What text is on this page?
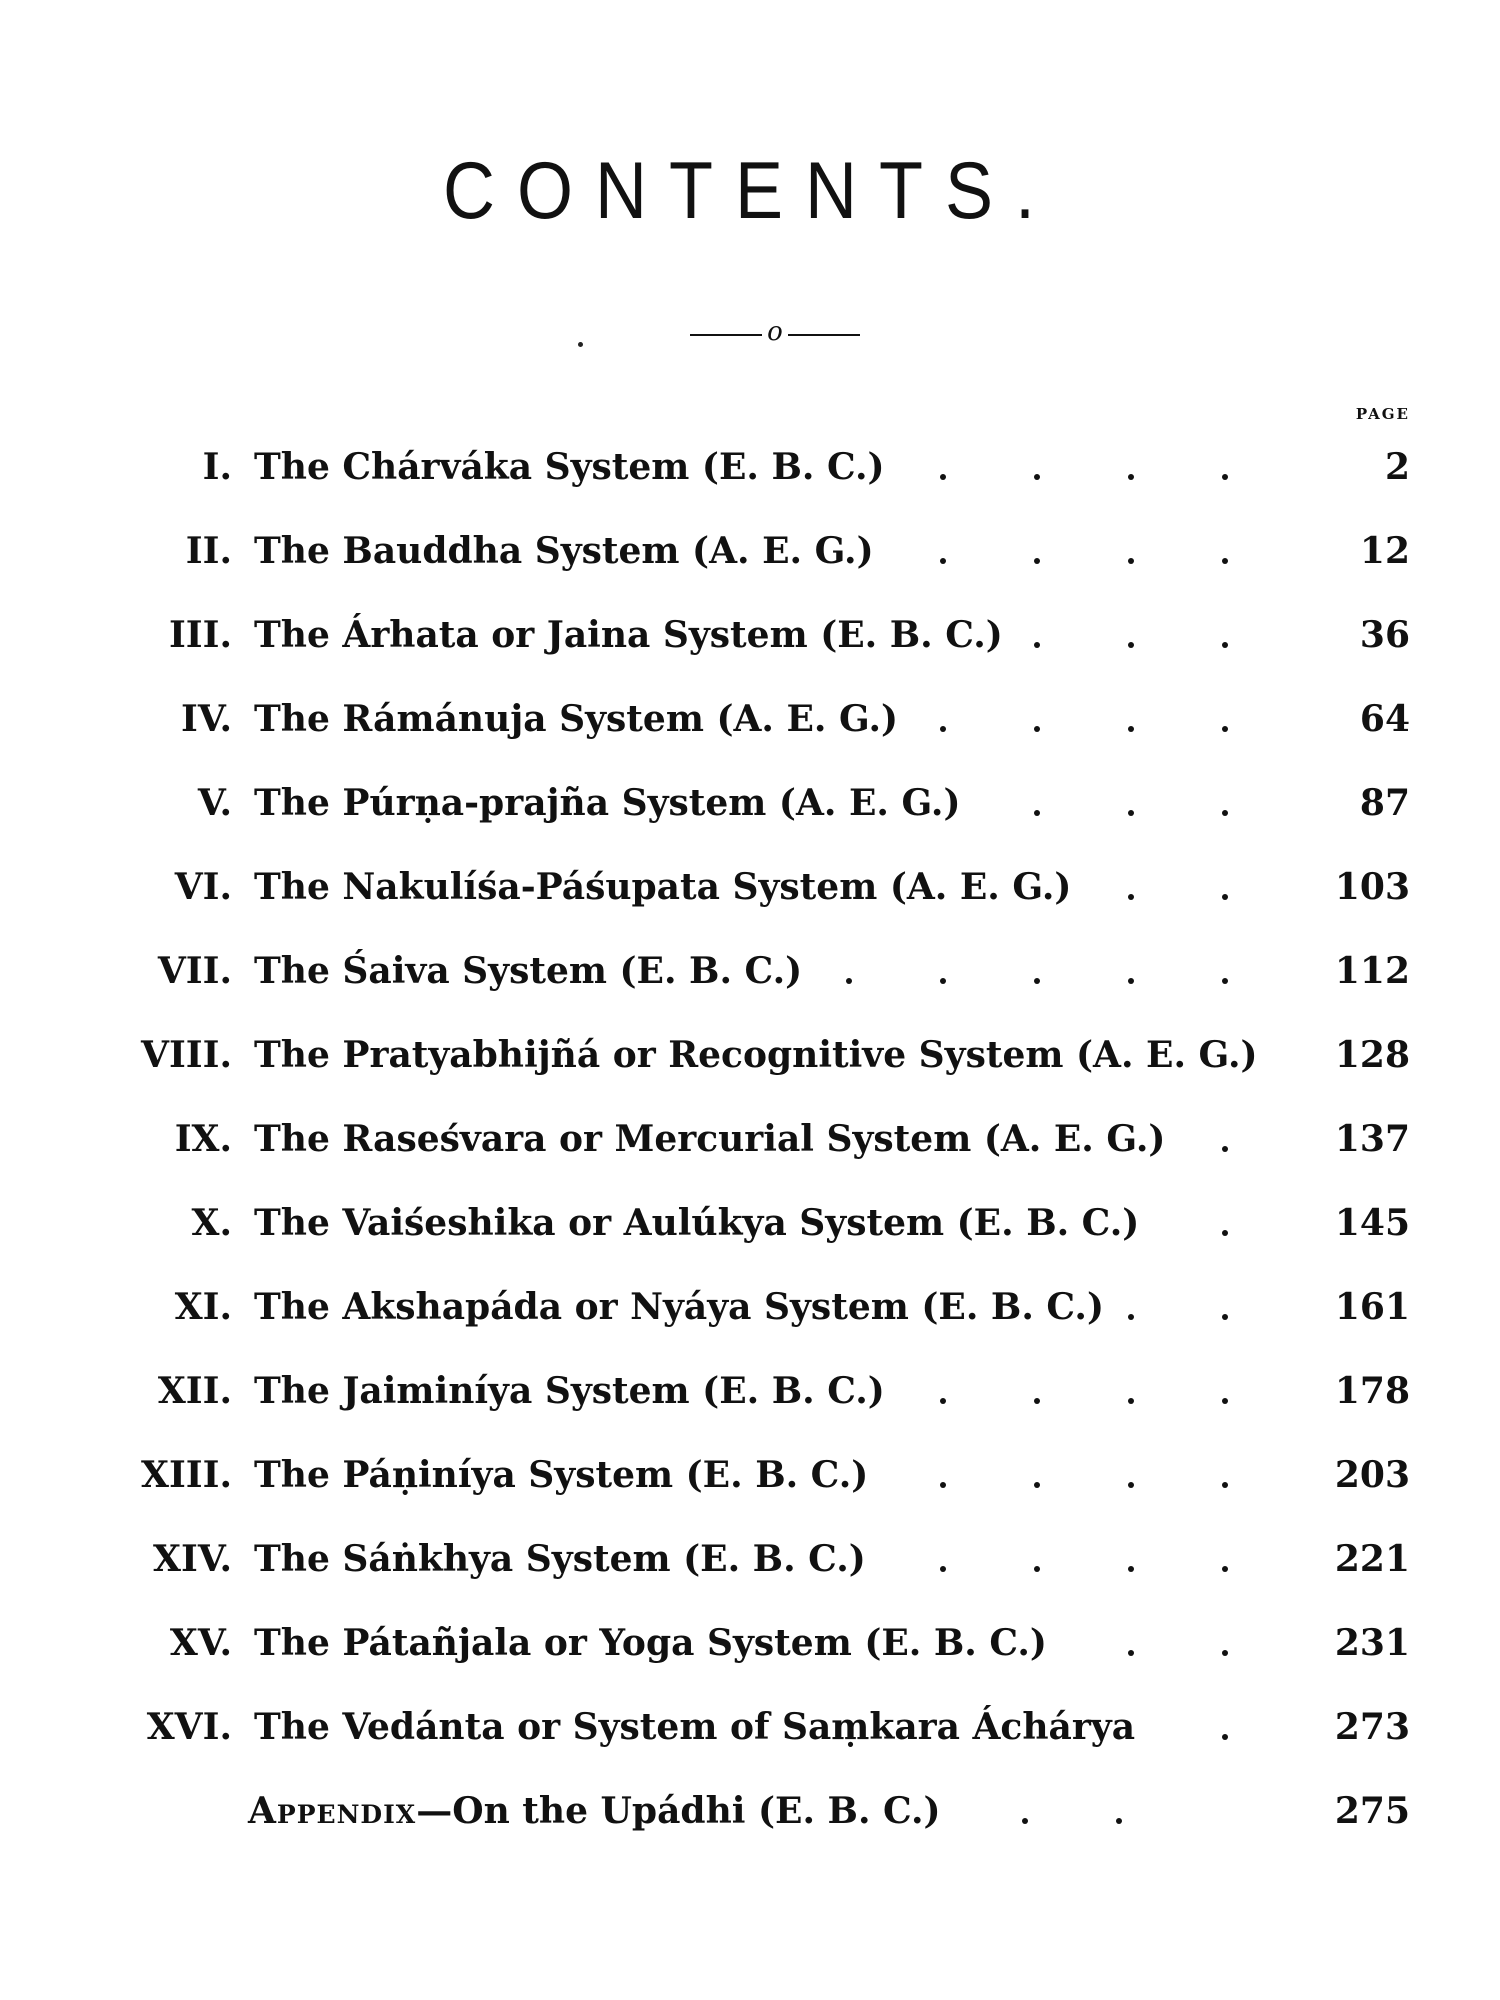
CONTENTS.
o
PAGE
I. The Chárváka System (E. B. C.)	2
II. The Bauddha System (A. E. G.)	12
III. The Árhata or Jaina System (E. B. C.)	36
IV. The Rámánuja System (A. E. G.)	64
V. The Púrṇa-prajña System (A. E. G.)	87
VI. The Nakulíśa-Páśupata System (A. E. G.)	103
VII. The Śaiva System (E. B. C.)	112
VIII. The Pratyabhijñá or Recognitive System (A. E. G.)	128
IX. The Raseśvara or Mercurial System (A. E. G.)	137
X. The Vaiśeshika or Aulúkya System (E. B. C.)	145
XI. The Akshapáda or Nyáya System (E. B. C.)	161
XII. The Jaiminíya System (E. B. C.)	178
XIII. The Páṇiníya System (E. B. C.)	203
XIV. The Sáṅkhya System (E. B. C.)	221
XV. The Pátañjala or Yoga System (E. B. C.)	231
XVI. The Vedánta or System of Saṃkara Áchárya	273
Appendix—On the Upádhi (E. B. C.)	275
